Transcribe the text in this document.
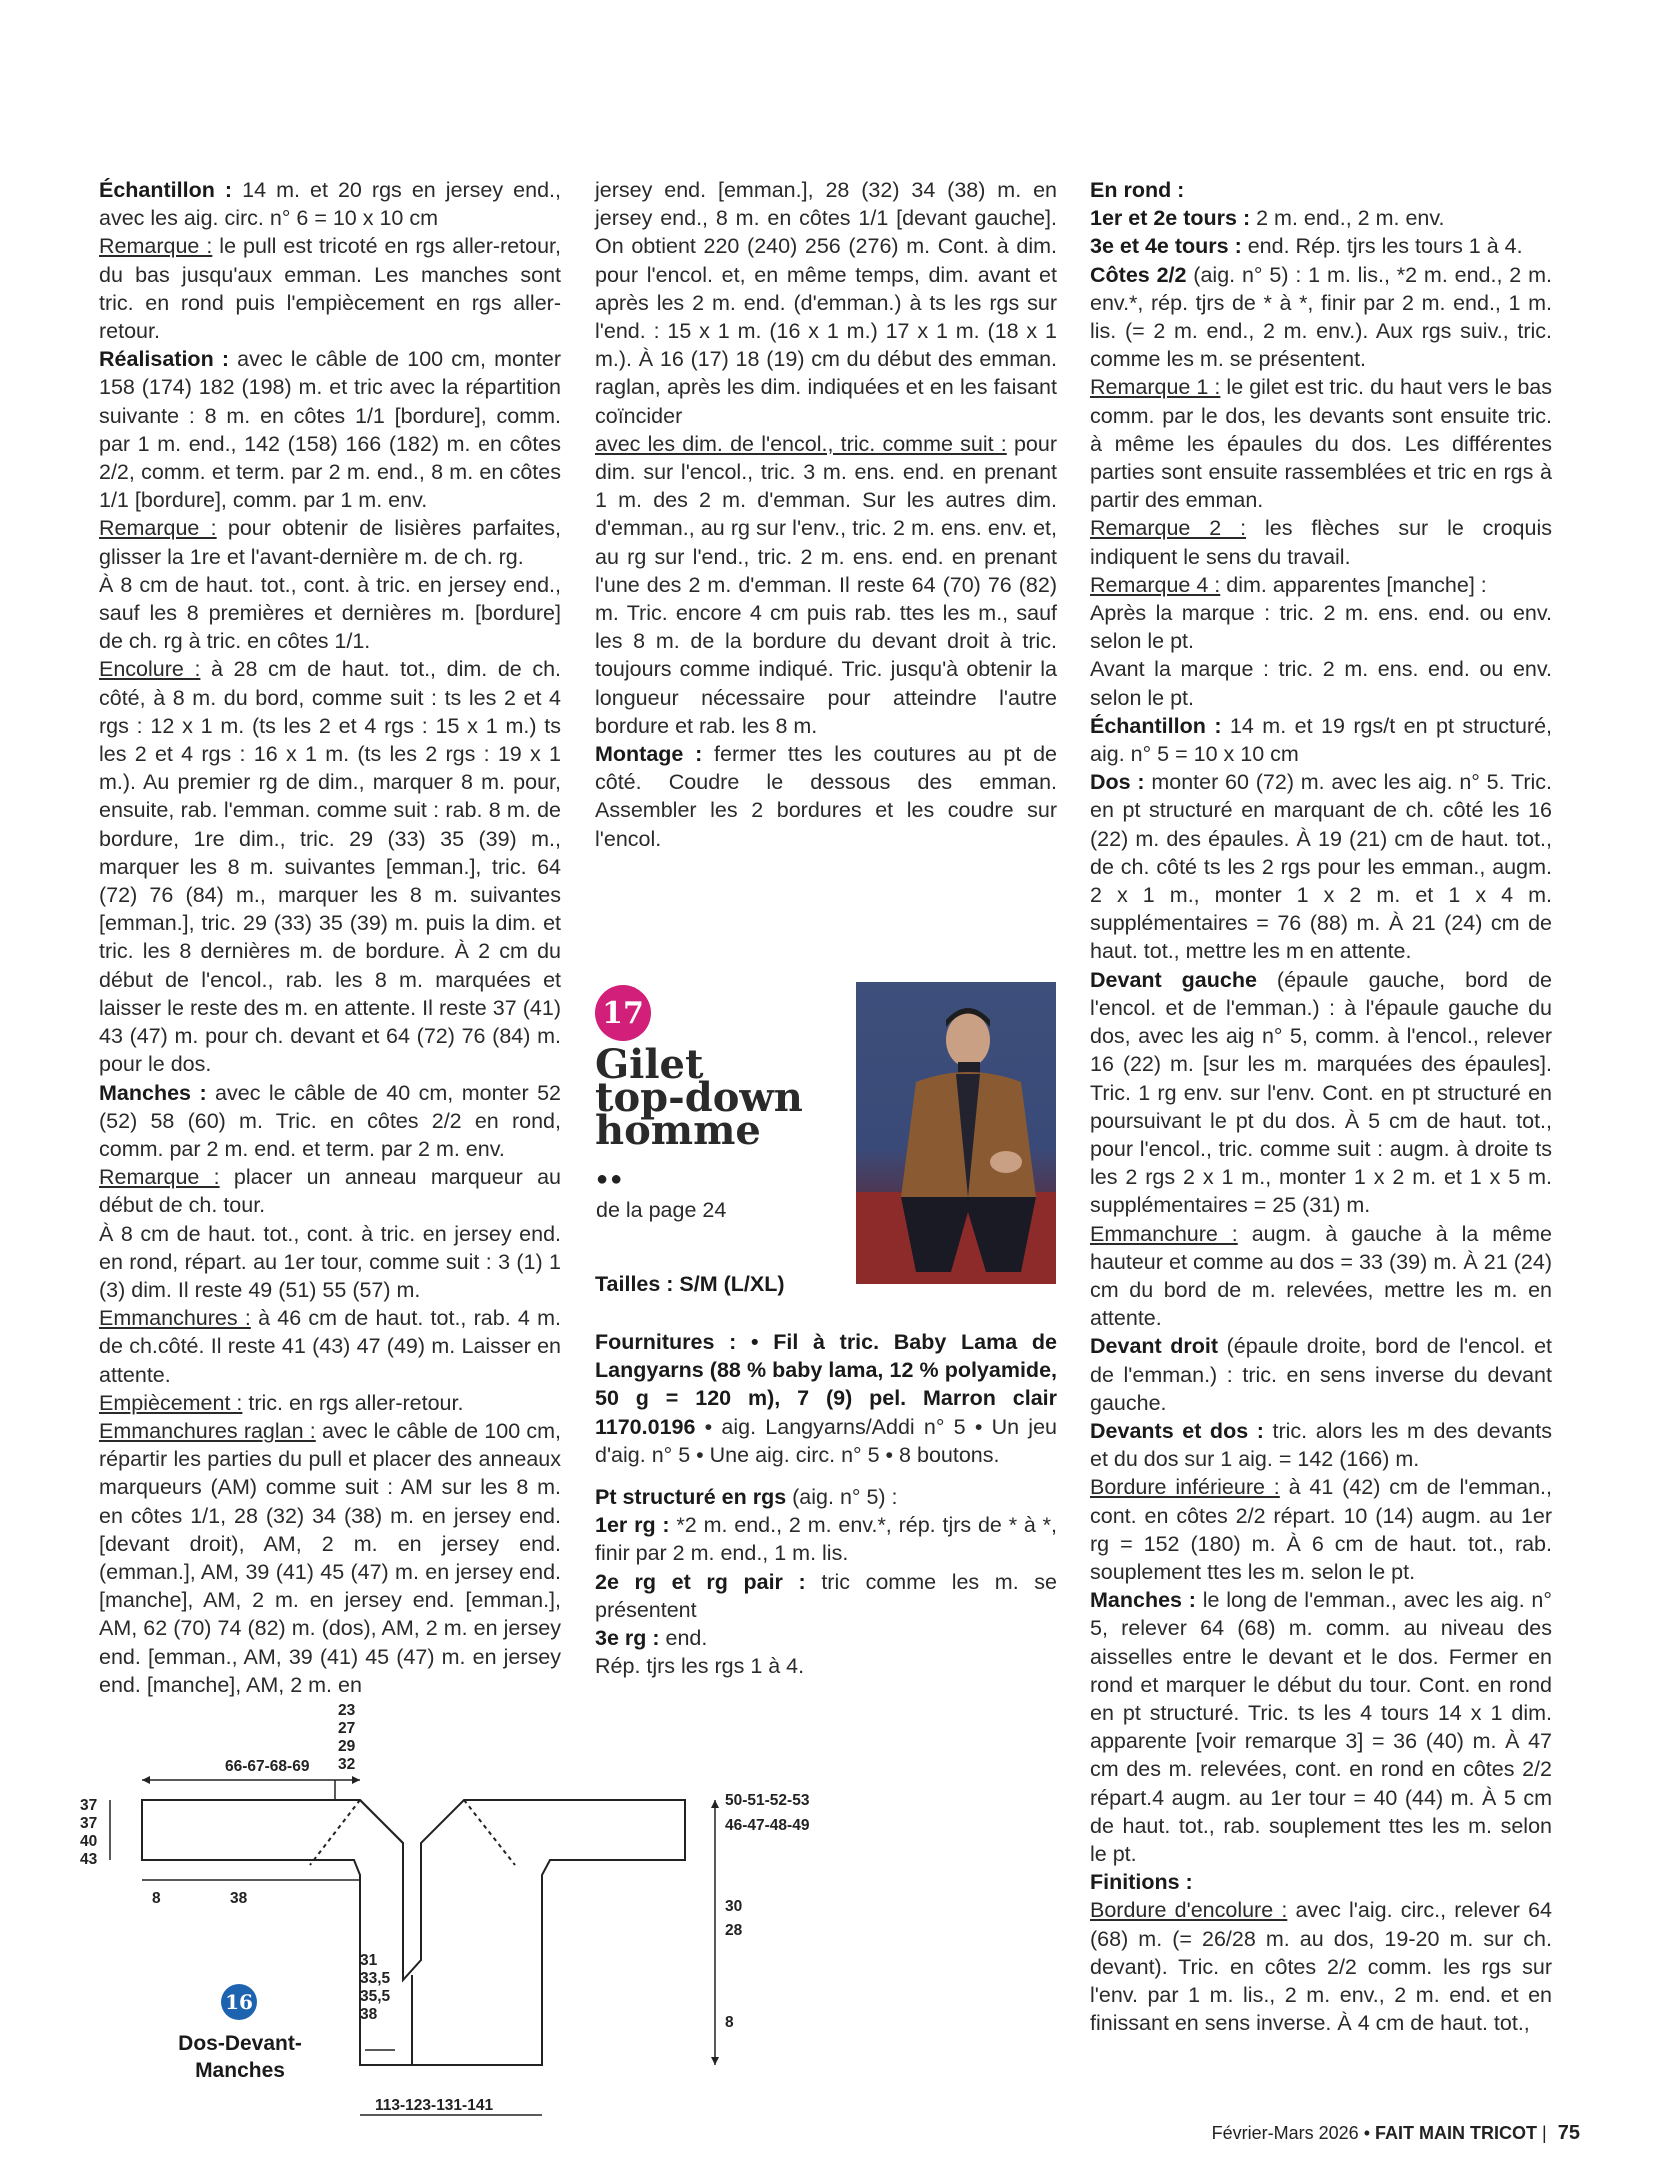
Échantillon : 14 m. et 20 rgs en jersey end., avec les aig. circ. n° 6 = 10 x 10 cm

Remarque : le pull est tricoté en rgs aller-retour, du bas jusqu'aux emman. Les manches sont tric. en rond puis l'empiècement en rgs aller-retour.

Réalisation : avec le câble de 100 cm, monter 158 (174) 182 (198) m. et tric avec la répartition suivante : 8 m. en côtes 1/1 [bordure], comm. par 1 m. end., 142 (158) 166 (182) m. en côtes 2/2, comm. et term. par 2 m. end., 8 m. en côtes 1/1 [bordure], comm. par 1 m. env.

Remarque : pour obtenir de lisières parfaites, glisser la 1re et l'avant-dernière m. de ch. rg.

À 8 cm de haut. tot., cont. à tric. en jersey end., sauf les 8 premières et dernières m. [bordure] de ch. rg à tric. en côtes 1/1.

Encolure : à 28 cm de haut. tot., dim. de ch. côté, à 8 m. du bord, comme suit : ts les 2 et 4 rgs : 12 x 1 m. (ts les 2 et 4 rgs : 15 x 1 m.) ts les 2 et 4 rgs : 16 x 1 m. (ts les 2 rgs : 19 x 1 m.). Au premier rg de dim., marquer 8 m. pour, ensuite, rab. l'emman. comme suit : rab. 8 m. de bordure, 1re dim., tric. 29 (33) 35 (39) m., marquer les 8 m. suivantes [emman.], tric. 64 (72) 76 (84) m., marquer les 8 m. suivantes [emman.], tric. 29 (33) 35 (39) m. puis la dim. et tric. les 8 dernières m. de bordure. À 2 cm du début de l'encol., rab. les 8 m. marquées et laisser le reste des m. en attente. Il reste 37 (41) 43 (47) m. pour ch. devant et 64 (72) 76 (84) m. pour le dos.

Manches : avec le câble de 40 cm, monter 52 (52) 58 (60) m. Tric. en côtes 2/2 en rond, comm. par 2 m. end. et term. par 2 m. env.

Remarque : placer un anneau marqueur au début de ch. tour.

À 8 cm de haut. tot., cont. à tric. en jersey end. en rond, répart. au 1er tour, comme suit : 3 (1) 1 (3) dim. Il reste 49 (51) 55 (57) m.

Emmanchures : à 46 cm de haut. tot., rab. 4 m. de ch.côté. Il reste 41 (43) 47 (49) m. Laisser en attente.

Empiècement : tric. en rgs aller-retour.

Emmanchures raglan : avec le câble de 100 cm, répartir les parties du pull et placer des anneaux marqueurs (AM) comme suit : AM sur les 8 m. en côtes 1/1, 28 (32) 34 (38) m. en jersey end. [devant droit), AM, 2 m. en jersey end. (emman.], AM, 39 (41) 45 (47) m. en jersey end. [manche], AM, 2 m. en jersey end. [emman.], AM, 62 (70) 74 (82) m. (dos), AM, 2 m. en jersey end. [emman., AM, 39 (41) 45 (47) m. en jersey end. [manche], AM, 2 m. en

jersey end. [emman.], 28 (32) 34 (38) m. en jersey end., 8 m. en côtes 1/1 [devant gauche]. On obtient 220 (240) 256 (276) m. Cont. à dim. pour l'encol. et, en même temps, dim. avant et après les 2 m. end. (d'emman.) à ts les rgs sur l'end. : 15 x 1 m. (16 x 1 m.) 17 x 1 m. (18 x 1 m.). À 16 (17) 18 (19) cm du début des emman. raglan, après les dim. indiquées et en les faisant coïncider

avec les dim. de l'encol., tric. comme suit : pour dim. sur l'encol., tric. 3 m. ens. end. en prenant 1 m. des 2 m. d'emman. Sur les autres dim. d'emman., au rg sur l'env., tric. 2 m. ens. env. et, au rg sur l'end., tric. 2 m. ens. end. en prenant l'une des 2 m. d'emman. Il reste 64 (70) 76 (82) m. Tric. encore 4 cm puis rab. ttes les m., sauf les 8 m. de la bordure du devant droit à tric. toujours comme indiqué. Tric. jusqu'à obtenir la longueur nécessaire pour atteindre l'autre bordure et rab. les 8 m.

Montage : fermer ttes les coutures au pt de côté. Coudre le dessous des emman. Assembler les 2 bordures et les coudre sur l'encol.

17
Gilet
top-down
homme
●●
de la page 24
Tailles : S/M (L/XL)

Fournitures : • Fil à tric. Baby Lama de Langyarns (88 % baby lama, 12 % polyamide, 50 g = 120 m), 7 (9) pel. Marron clair 1170.0196 • aig. Langyarns/Addi n° 5 • Un jeu d'aig. n° 5 • Une aig. circ. n° 5 • 8 boutons.

Pt structuré en rgs (aig. n° 5) :

1er rg : *2 m. end., 2 m. env.*, rép. tjrs de * à *, finir par 2 m. end., 1 m. lis.

2e rg et rg pair : tric comme les m. se présentent

3e rg : end.

Rép. tjrs les rgs 1 à 4.

En rond :

1er et 2e tours : 2 m. end., 2 m. env.

3e et 4e tours : end. Rép. tjrs les tours 1 à 4.

Côtes 2/2 (aig. n° 5) : 1 m. lis., *2 m. end., 2 m. env.*, rép. tjrs de * à *, finir par 2 m. end., 1 m. lis. (= 2 m. end., 2 m. env.). Aux rgs suiv., tric. comme les m. se présentent.

Remarque 1 : le gilet est tric. du haut vers le bas comm. par le dos, les devants sont ensuite tric. à même les épaules du dos. Les différentes parties sont ensuite rassemblées et tric en rgs à partir des emman.

Remarque 2 : les flèches sur le croquis indiquent le sens du travail.

Remarque 4 : dim. apparentes [manche] :

Après la marque : tric. 2 m. ens. end. ou env. selon le pt.

Avant la marque : tric. 2 m. ens. end. ou env. selon le pt.

Échantillon : 14 m. et 19 rgs/t en pt structuré, aig. n° 5 = 10 x 10 cm

Dos : monter 60 (72) m. avec les aig. n° 5. Tric. en pt structuré en marquant de ch. côté les 16 (22) m. des épaules. À 19 (21) cm de haut. tot., de ch. côté ts les 2 rgs pour les emman., augm. 2 x 1 m., monter 1 x 2 m. et 1 x 4 m. supplémentaires = 76 (88) m. À 21 (24) cm de haut. tot., mettre les m en attente.

Devant gauche (épaule gauche, bord de l'encol. et de l'emman.) : à l'épaule gauche du dos, avec les aig n° 5, comm. à l'encol., relever 16 (22) m. [sur les m. marquées des épaules]. Tric. 1 rg env. sur l'env. Cont. en pt structuré en poursuivant le pt du dos. À 5 cm de haut. tot., pour l'encol., tric. comme suit : augm. à droite ts les 2 rgs 2 x 1 m., monter 1 x 2 m. et 1 x 5 m. supplémentaires = 25 (31) m.

Emmanchure : augm. à gauche à la même hauteur et comme au dos = 33 (39) m. À 21 (24) cm du bord de m. relevées, mettre les m. en attente.

Devant droit (épaule droite, bord de l'encol. et de l'emman.) : tric. en sens inverse du devant gauche.

Devants et dos : tric. alors les m des devants et du dos sur 1 aig. = 142 (166) m.

Bordure inférieure : à 41 (42) cm de l'emman., cont. en côtes 2/2 répart. 10 (14) augm. au 1er rg = 152 (180) m. À 6 cm de haut. tot., rab. souplement ttes les m. selon le pt.

Manches : le long de l'emman., avec les aig. n° 5, relever 64 (68) m. comm. au niveau des aisselles entre le devant et le dos. Fermer en rond et marquer le début du tour. Cont. en rond en pt structuré. Tric. ts les 4 tours 14 x 1 dim. apparente [voir remarque 3] = 36 (40) m. À 47 cm des m. relevées, cont. en rond en côtes 2/2 répart.4 augm. au 1er tour = 40 (44) m. À 5 cm de haut. tot., rab. souplement ttes les m. selon le pt.

Finitions :

Bordure d'encolure : avec l'aig. circ., relever 64 (68) m. (= 26/28 m. au dos, 19-20 m. sur ch. devant). Tric. en côtes 2/2 comm. les rgs sur l'env. par 1 m. lis., 2 m. env., 2 m. end. et en finissant en sens inverse. À 4 cm de haut. tot.,

66-67-68-69
23
27
29
32
37
37
40
43
8	38
50-51-52-53
46-47-48-49
30
28
31
33,5
35,5
38	8
113-123-131-141
16
Dos-Devant-
Manches
Février-Mars 2026 • FAIT MAIN TRICOT | 75
